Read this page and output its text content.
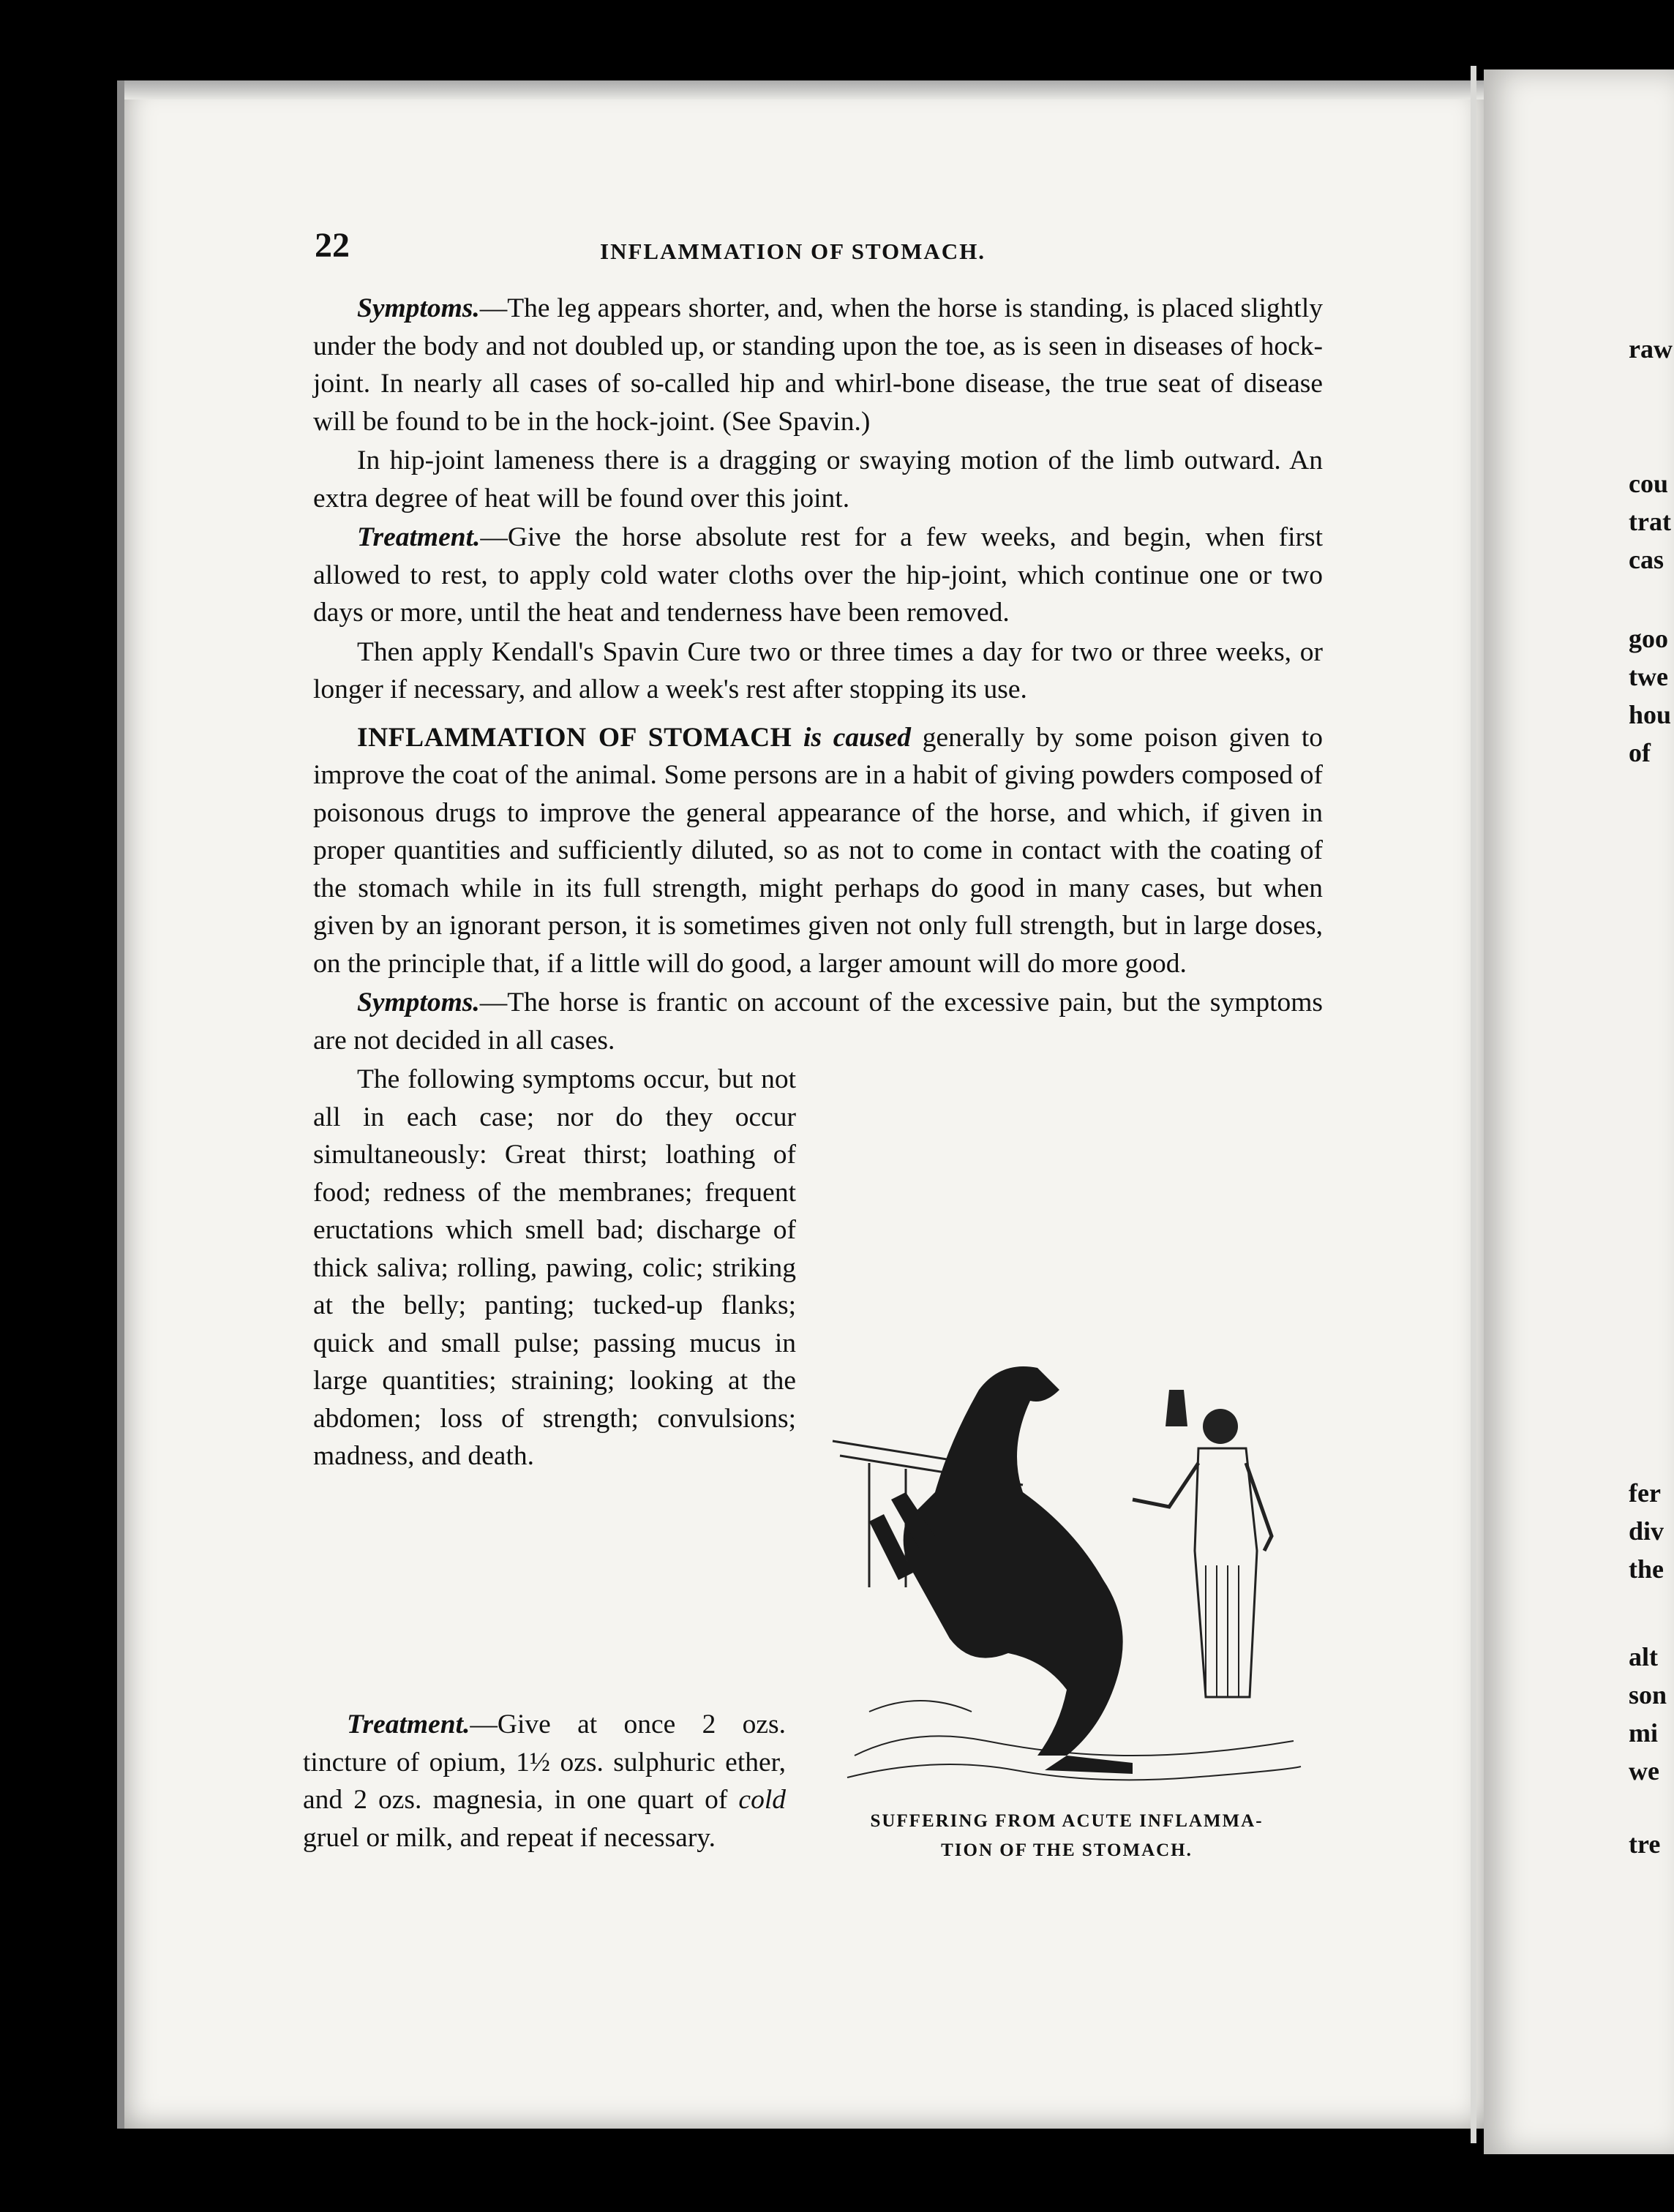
raw
cou
trat
cas
goo
twe
hou
of
fer
div
the
alt
son
mi
we
tre
22	INFLAMMATION OF STOMACH.

Symptoms.—The leg appears shorter, and, when the horse is standing, is placed slightly under the body and not doubled up, or standing upon the toe, as is seen in diseases of hock-joint. In nearly all cases of so-called hip and whirl-bone disease, the true seat of disease will be found to be in the hock-joint. (See Spavin.)

In hip-joint lameness there is a dragging or swaying motion of the limb outward. An extra degree of heat will be found over this joint.

Treatment.—Give the horse absolute rest for a few weeks, and begin, when first allowed to rest, to apply cold water cloths over the hip-joint, which continue one or two days or more, until the heat and tenderness have been removed.

Then apply Kendall's Spavin Cure two or three times a day for two or three weeks, or longer if necessary, and allow a week's rest after stopping its use.

INFLAMMATION OF STOMACH is caused generally by some poison given to improve the coat of the animal. Some persons are in a habit of giving powders composed of poisonous drugs to improve the general appearance of the horse, and which, if given in proper quantities and sufficiently diluted, so as not to come in contact with the coating of the stomach while in its full strength, might perhaps do good in many cases, but when given by an ignorant person, it is sometimes given not only full strength, but in large doses, on the principle that, if a little will do good, a larger amount will do more good.

Symptoms.—The horse is frantic on account of the excessive pain, but the symptoms are not decided in all cases.

The following symptoms occur, but not all in each case; nor do they occur simultaneously: Great thirst; loathing of food; redness of the membranes; frequent eructations which smell bad; discharge of thick saliva; rolling, pawing, colic; striking at the belly; panting; tucked-up flanks; quick and small pulse; passing mucus in large quantities; straining; looking at the abdomen; loss of strength; convulsions; madness, and death.

SUFFERING FROM ACUTE INFLAMMA-
TION OF THE STOMACH.
Treatment.—Give at once 2 ozs. tincture of opium, 1½ ozs. sulphuric ether, and 2 ozs. magnesia, in one quart of cold gruel or milk, and repeat if necessary.
